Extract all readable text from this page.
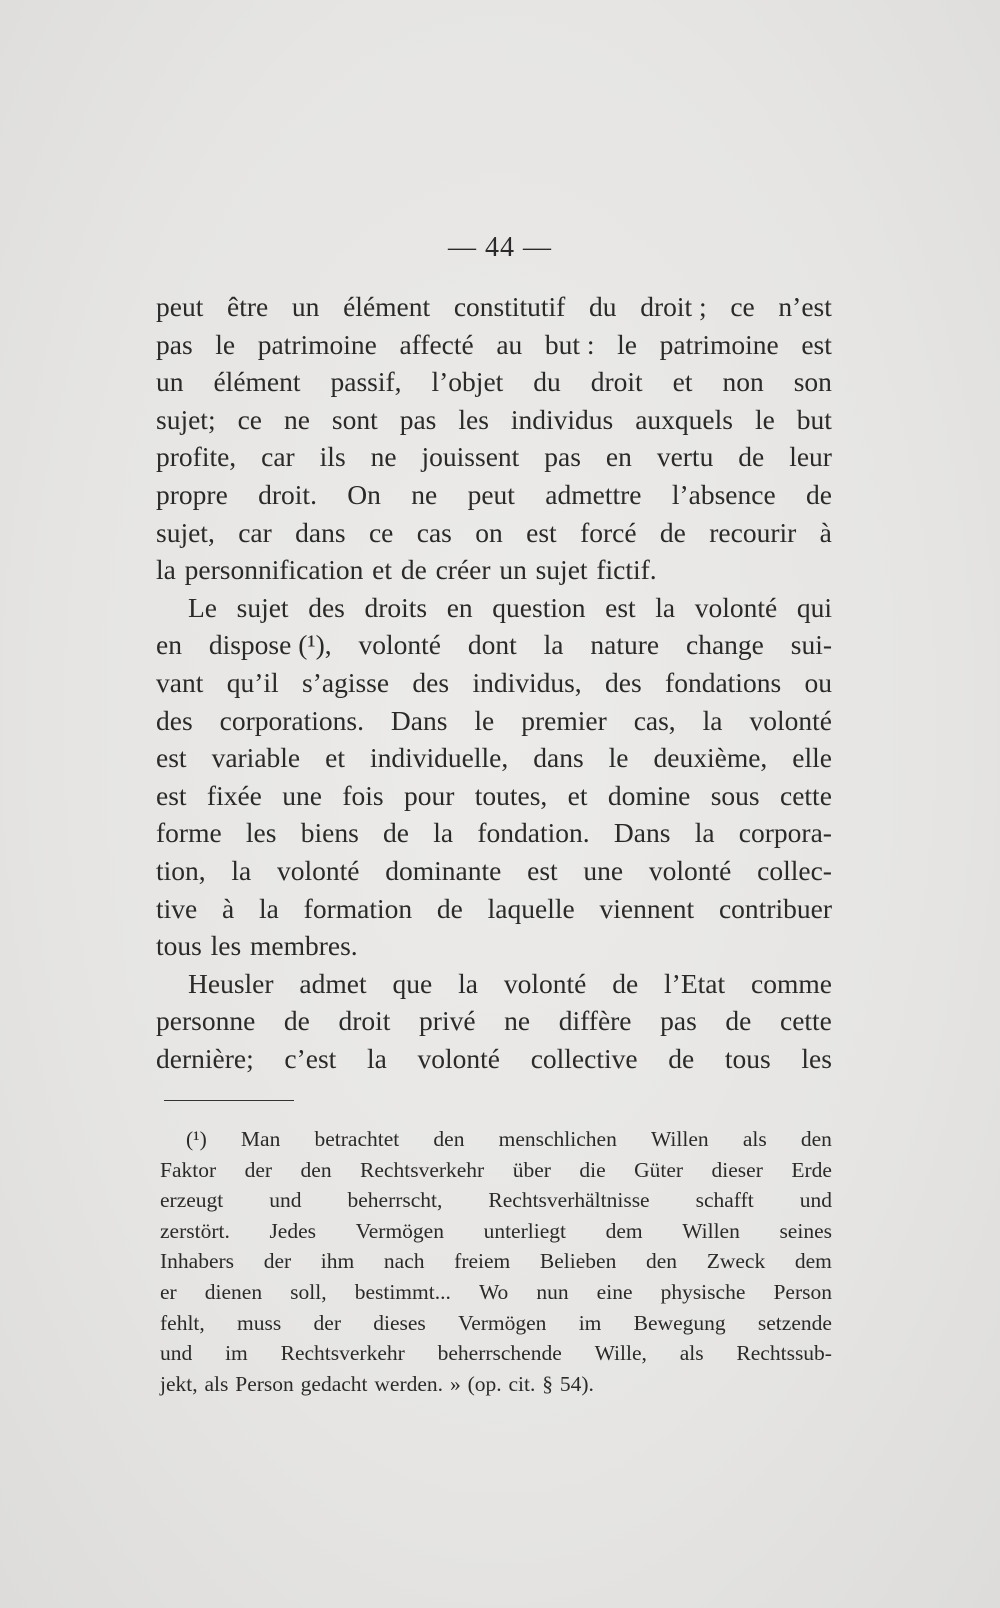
— 44 —
peut être un élément constitutif du droit ; ce n’est
pas le patrimoine affecté au but : le patrimoine est
un élément passif, l’objet du droit et non son
sujet; ce ne sont pas les individus auxquels le but
profite, car ils ne jouissent pas en vertu de leur
propre droit. On ne peut admettre l’absence de
sujet, car dans ce cas on est forcé de recourir à
la personnification et de créer un sujet fictif.
Le sujet des droits en question est la volonté qui
en dispose (¹), volonté dont la nature change sui-
vant qu’il s’agisse des individus, des fondations ou
des corporations. Dans le premier cas, la volonté
est variable et individuelle, dans le deuxième, elle
est fixée une fois pour toutes, et domine sous cette
forme les biens de la fondation. Dans la corpora-
tion, la volonté dominante est une volonté collec-
tive à la formation de laquelle viennent contribuer
tous les membres.
Heusler admet que la volonté de l’Etat comme
personne de droit privé ne diffère pas de cette
dernière; c’est la volonté collective de tous les
(¹) Man betrachtet den menschlichen Willen als den
Faktor der den Rechtsverkehr über die Güter dieser Erde
erzeugt und beherrscht, Rechtsverhältnisse schafft und
zerstört. Jedes Vermögen unterliegt dem Willen seines
Inhabers der ihm nach freiem Belieben den Zweck dem
er dienen soll, bestimmt... Wo nun eine physische Person
fehlt, muss der dieses Vermögen im Bewegung setzende
und im Rechtsverkehr beherrschende Wille, als Rechtssub-
jekt, als Person gedacht werden. » (op. cit. § 54).
